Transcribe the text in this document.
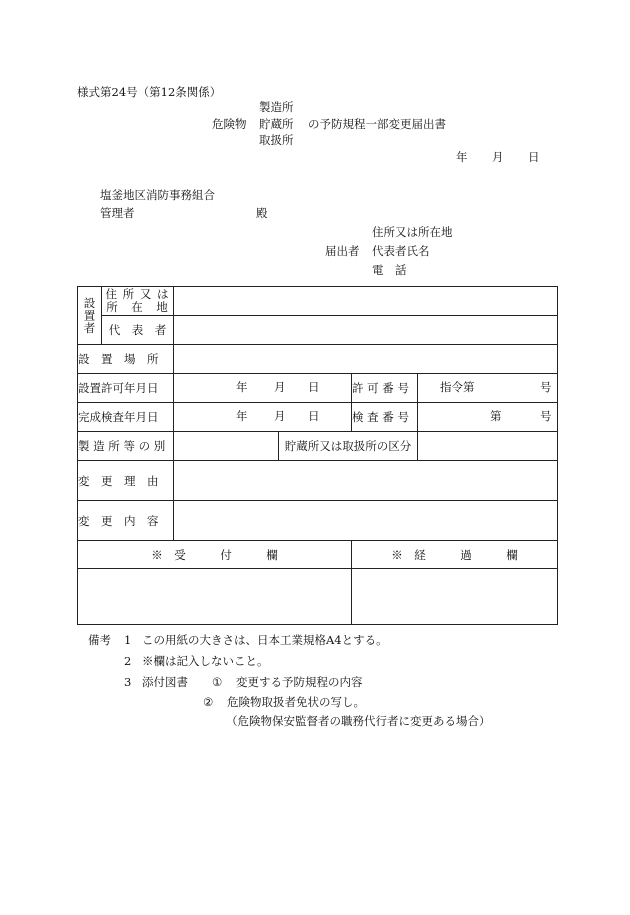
様式第24号（第12条関係）
製造所
危険物 貯蔵所 の予防規程一部変更届出書
取扱所
年 月 日
塩釜地区消防事務組合
管理者	殿
住所又は所在地
届出者 代表者氏名
電　話
設置者	住 所 又 は
所　在　地				

	代　表　者				
設　置　場　所					
設置許可年月日		年 月 日		許 可 番 号	指令第 号

完成検査年月日		年 月 日		検 査 番 号	第 号

製 造 所 等 の 別			貯蔵所又は取扱所の区分		
変　更　理　由					
変　更　内　容					
※　受　　　付　　　欄				※　経　　　過　　　欄	

備考 1 この用紙の大きさは、日本工業規格A4とする。
2 ※欄は記入しないこと。
3 添付図書 ① 変更する予防規程の内容
② 危険物取扱者免状の写し。
（危険物保安監督者の職務代行者に変更ある場合）
